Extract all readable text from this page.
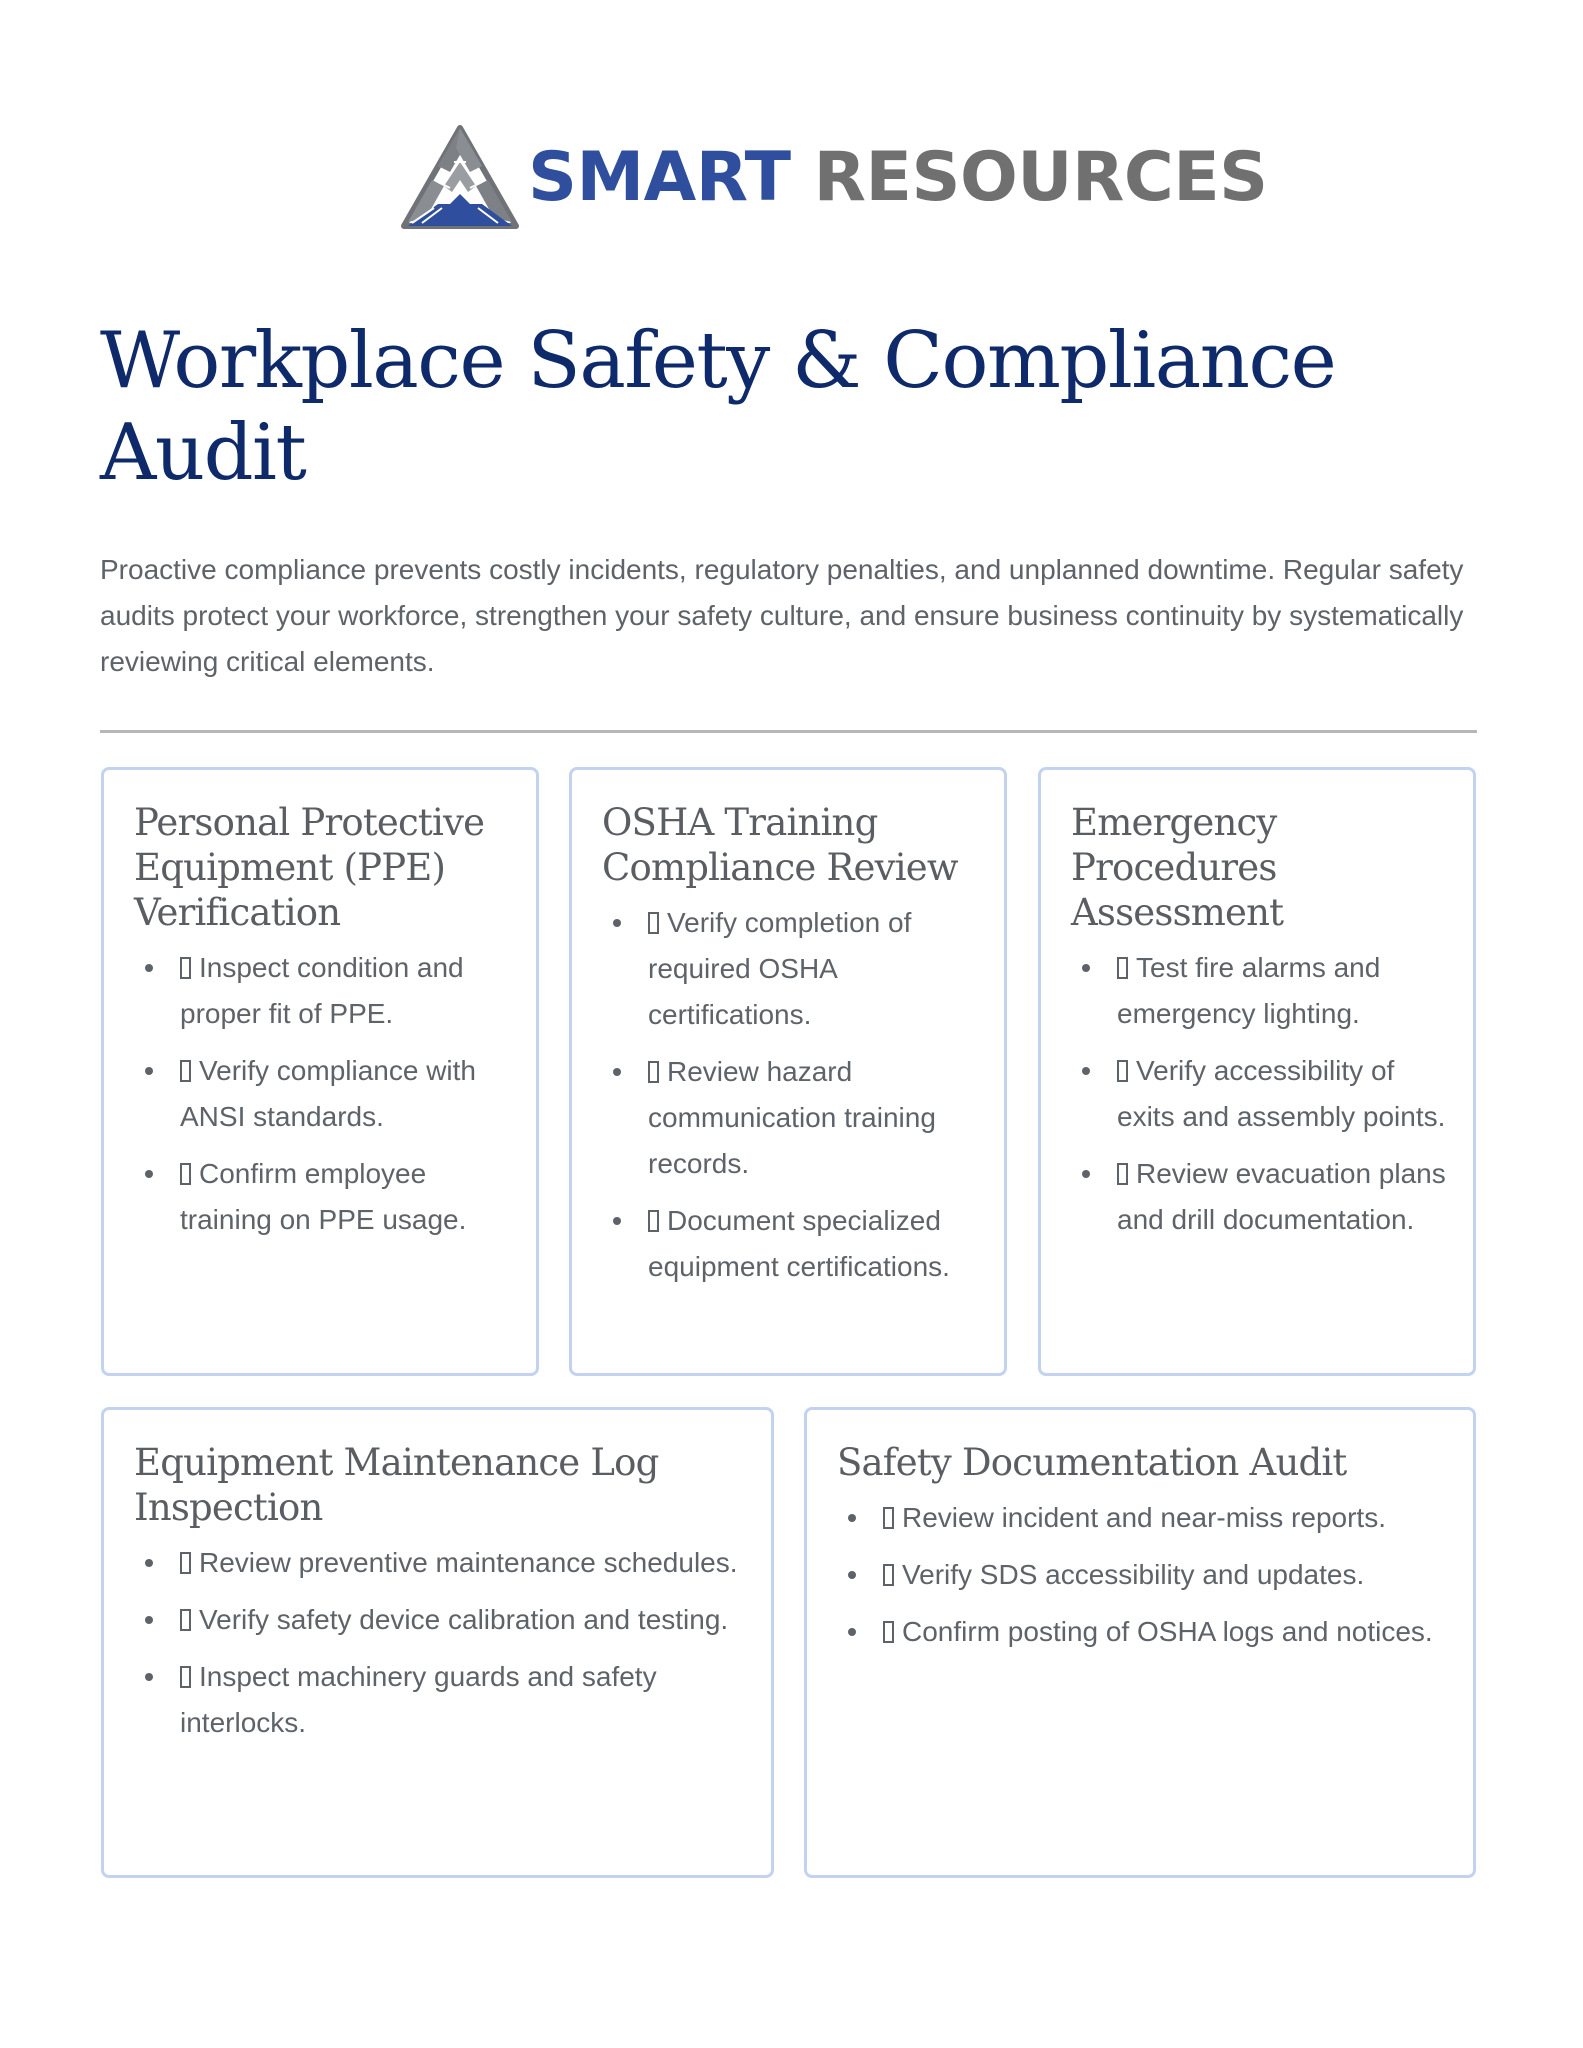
SMART RESOURCES
Workplace Safety & Compliance Audit

Proactive compliance prevents costly incidents, regulatory penalties, and unplanned downtime. Regular safety audits protect your workforce, strengthen your safety culture, and ensure business continuity by systematically reviewing critical elements.

Personal Protective Equipment (PPE) Verification
Inspect condition and proper fit of PPE.
Verify compliance with ANSI standards.
Confirm employee training on PPE usage.
OSHA Training Compliance Review
Verify completion of required OSHA certifications.
Review hazard communication training records.
Document specialized equipment certifications.
Emergency Procedures Assessment
Test fire alarms and emergency lighting.
Verify accessibility of exits and assembly points.
Review evacuation plans and drill documentation.
Equipment Maintenance Log Inspection
Review preventive maintenance schedules.
Verify safety device calibration and testing.
Inspect machinery guards and safety interlocks.
Safety Documentation Audit
Review incident and near-miss reports.
Verify SDS accessibility and updates.
Confirm posting of OSHA logs and notices.
